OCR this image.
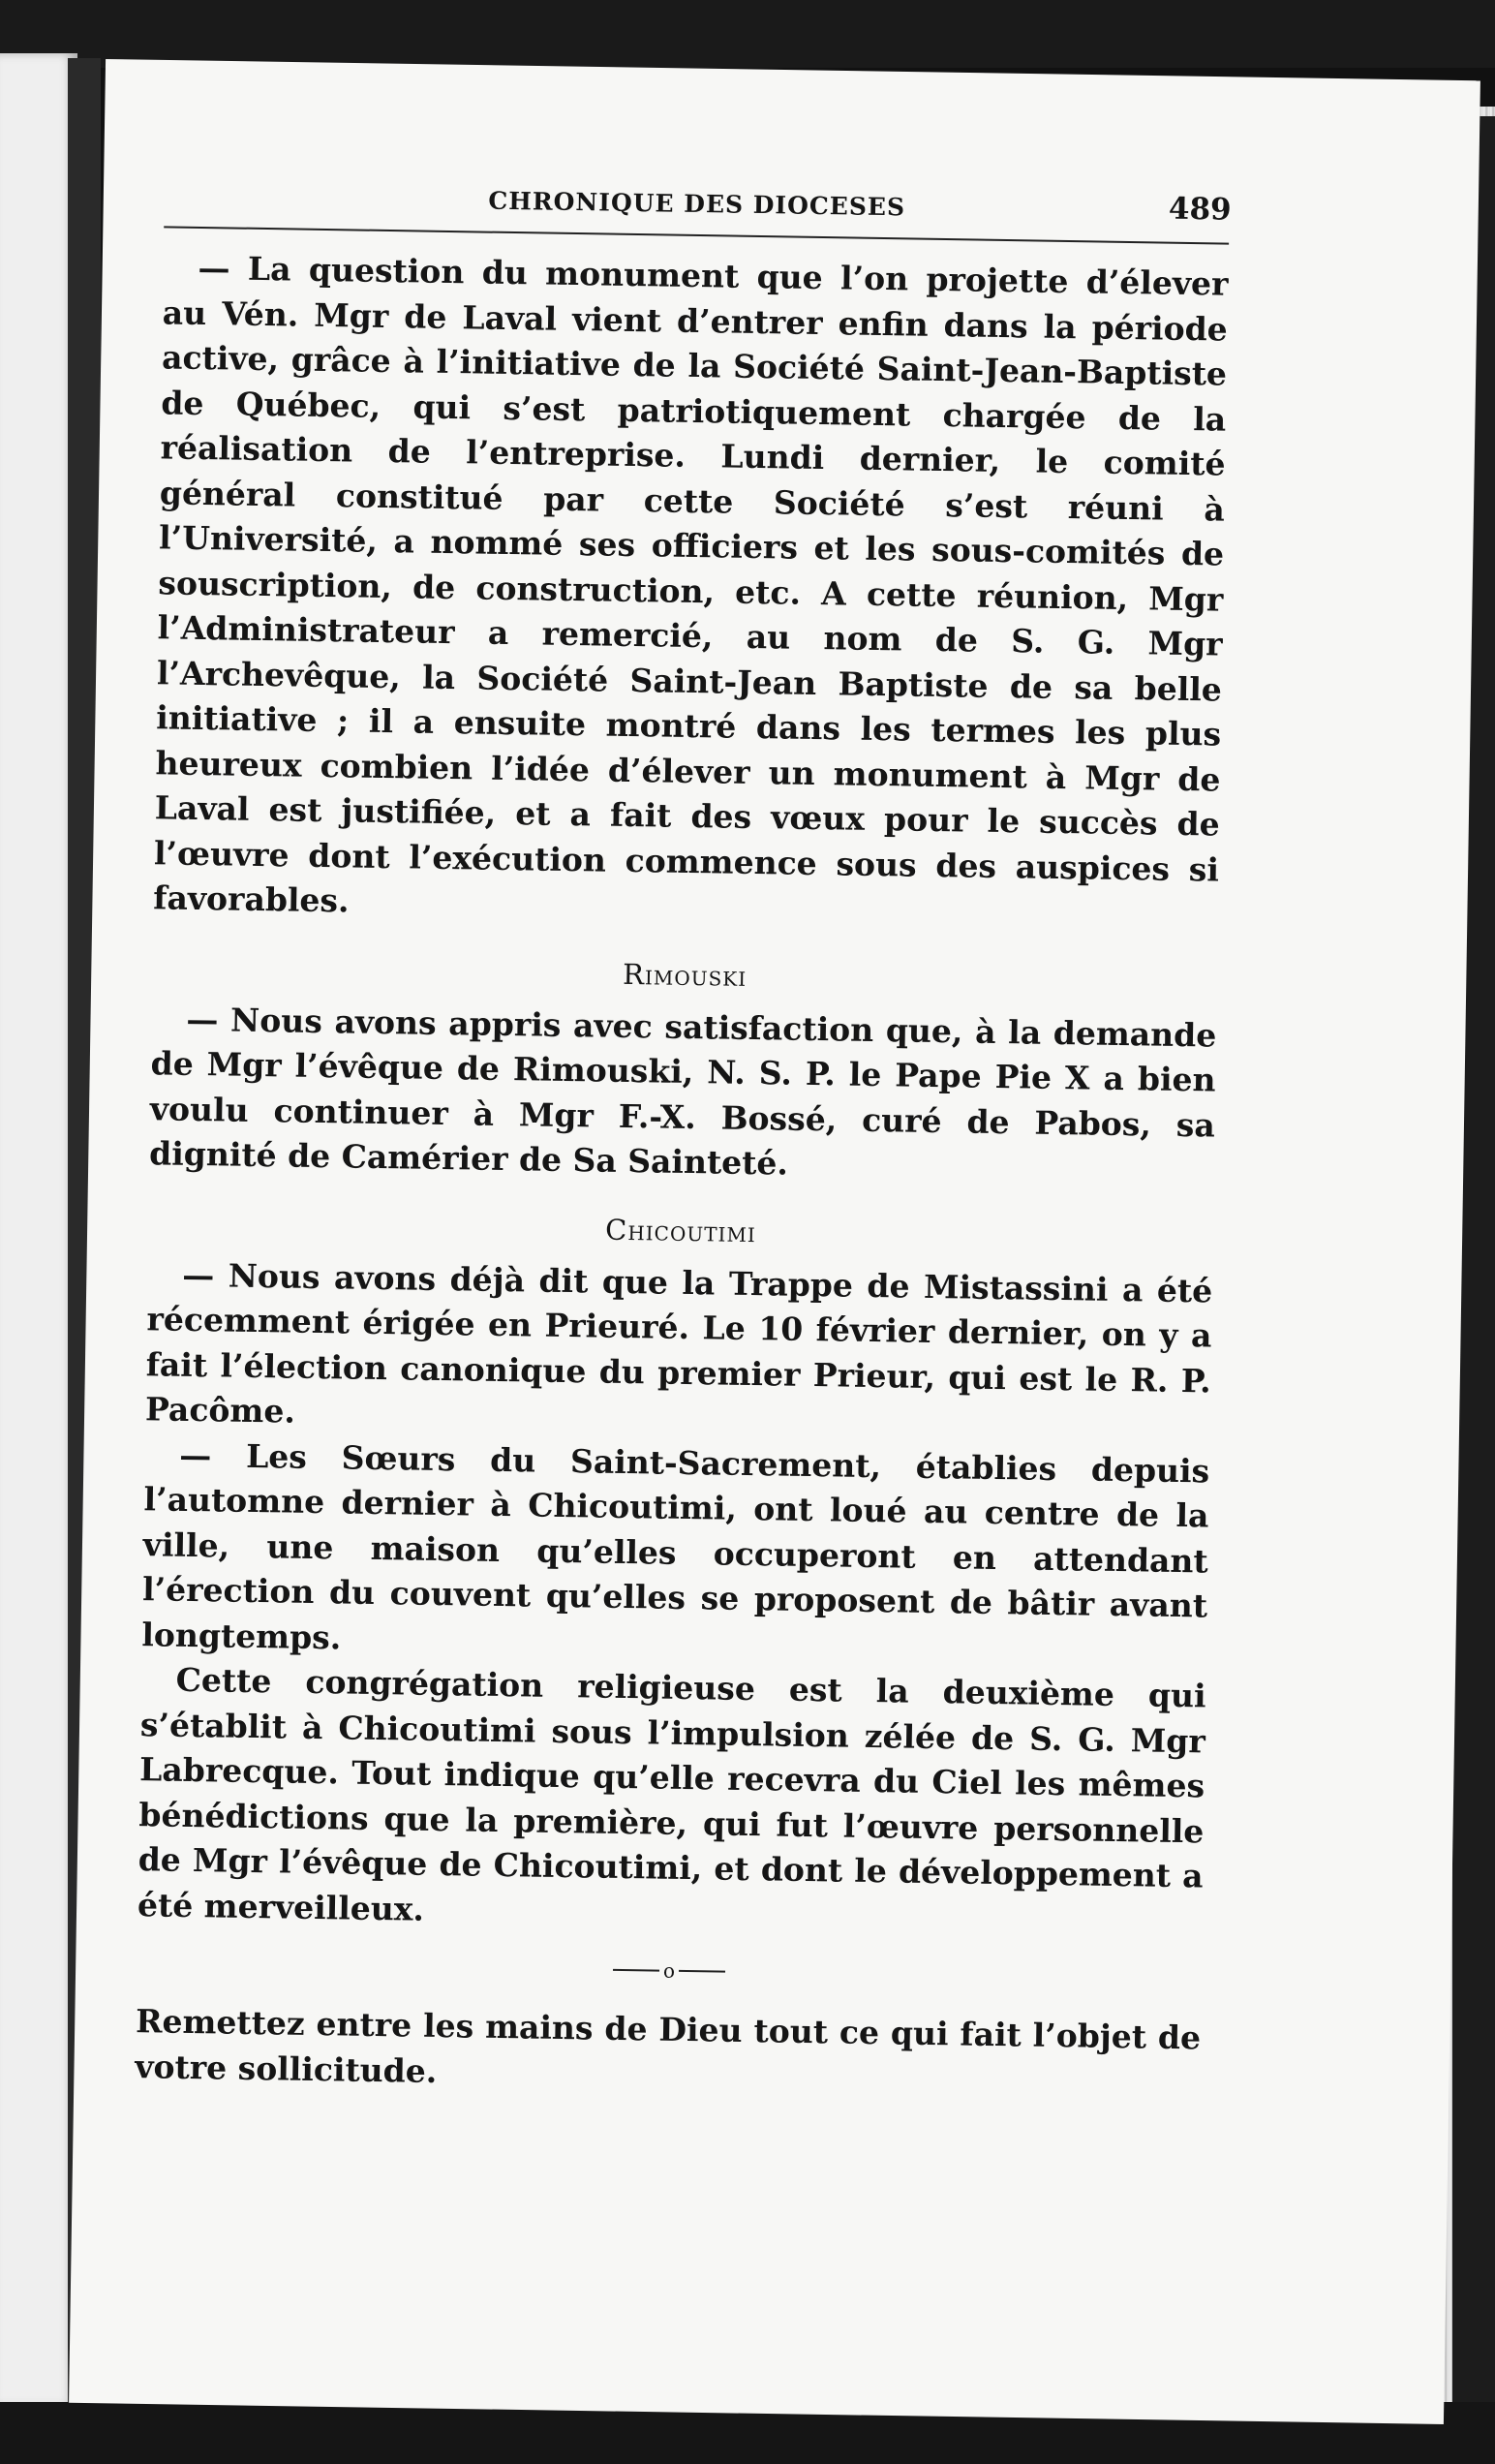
CHRONIQUE DES DIOCESES	489

— La question du monument que l’on projette d’élever au Vén. Mgr de Laval vient d’entrer enfin dans la période active, grâce à l’initiative de la Société Saint-Jean-Baptiste de Québec, qui s’est patriotiquement chargée de la réalisation de l’entreprise. Lundi dernier, le comité général constitué par cette Société s’est réuni à l’Université, a nommé ses officiers et les sous-comités de souscription, de construction, etc. A cette réunion, Mgr l’Administrateur a remercié, au nom de S. G. Mgr l’Archevêque, la Société Saint-Jean Baptiste de sa belle initiative ; il a ensuite montré dans les termes les plus heureux combien l’idée d’élever un monument à Mgr de Laval est justifiée, et a fait des vœux pour le succès de l’œuvre dont l’exécution commence sous des auspices si favorables.

Rimouski

— Nous avons appris avec satisfaction que, à la demande de Mgr l’évêque de Rimouski, N. S. P. le Pape Pie X a bien voulu continuer à Mgr F.-X. Bossé, curé de Pabos, sa dignité de Camérier de Sa Sainteté.

Chicoutimi

— Nous avons déjà dit que la Trappe de Mistassini a été récemment érigée en Prieuré. Le 10 février dernier, on y a fait l’élection canonique du premier Prieur, qui est le R. P. Pacôme.

— Les Sœurs du Saint-Sacrement, établies depuis l’automne dernier à Chicoutimi, ont loué au centre de la ville, une maison qu’elles occuperont en attendant l’érection du couvent qu’elles se proposent de bâtir avant longtemps.

Cette congrégation religieuse est la deuxième qui s’établit à Chicoutimi sous l’impulsion zélée de S. G. Mgr Labrecque. Tout indique qu’elle recevra du Ciel les mêmes bénédictions que la première, qui fut l’œuvre personnelle de Mgr l’évêque de Chicoutimi, et dont le développement a été merveilleux.

o

Remettez entre les mains de Dieu tout ce qui fait l’objet de votre sollicitude.
